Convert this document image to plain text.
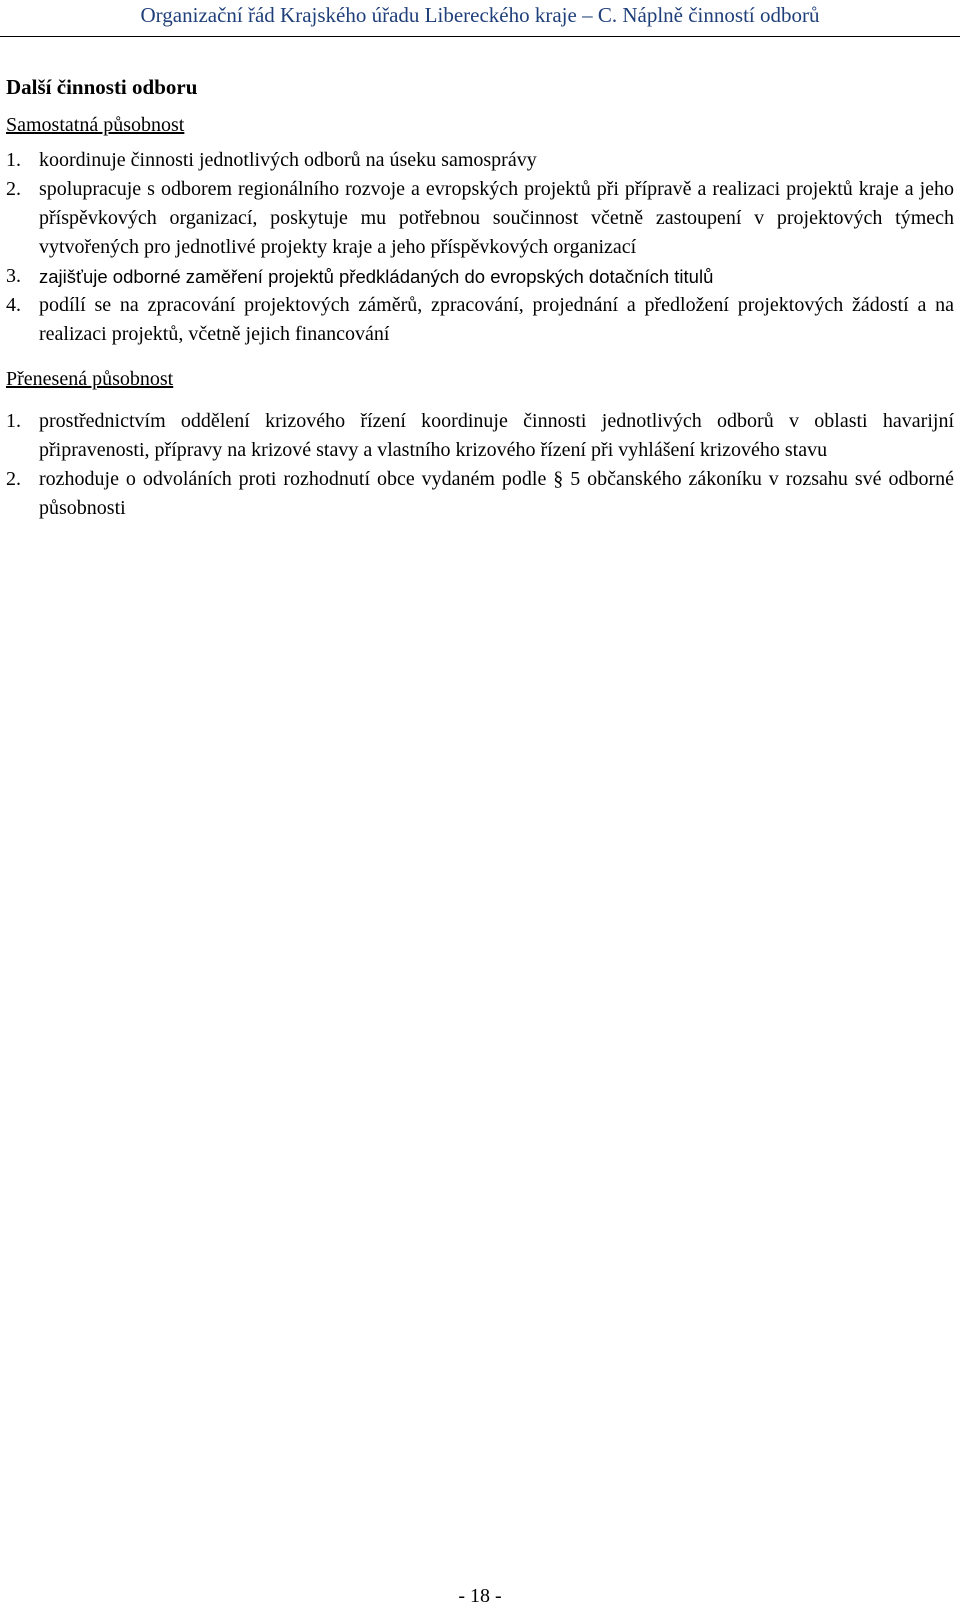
Organizační řád Krajského úřadu Libereckého kraje – C. Náplně činností odborů
Další činnosti odboru
Samostatná působnost
1. koordinuje činnosti jednotlivých odborů na úseku samosprávy
2. spolupracuje s odborem regionálního rozvoje a evropských projektů při přípravě a realizaci projektů kraje a jeho příspěvkových organizací, poskytuje mu potřebnou součinnost včetně zastoupení v projektových týmech vytvořených pro jednotlivé projekty kraje a jeho příspěvkových organizací
3. zajišťuje odborné zaměření projektů předkládaných do evropských dotačních titulů
4. podílí se na zpracování projektových záměrů, zpracování, projednání a předložení projektových žádostí a na realizaci projektů, včetně jejich financování
Přenesená působnost
1. prostřednictvím oddělení krizového řízení koordinuje činnosti jednotlivých odborů v oblasti havarijní připravenosti, přípravy na krizové stavy a vlastního krizového řízení při vyhlášení krizového stavu
2. rozhoduje o odvoláních proti rozhodnutí obce vydaném podle § 5 občanského zákoníku v rozsahu své odborné působnosti
- 18 -
